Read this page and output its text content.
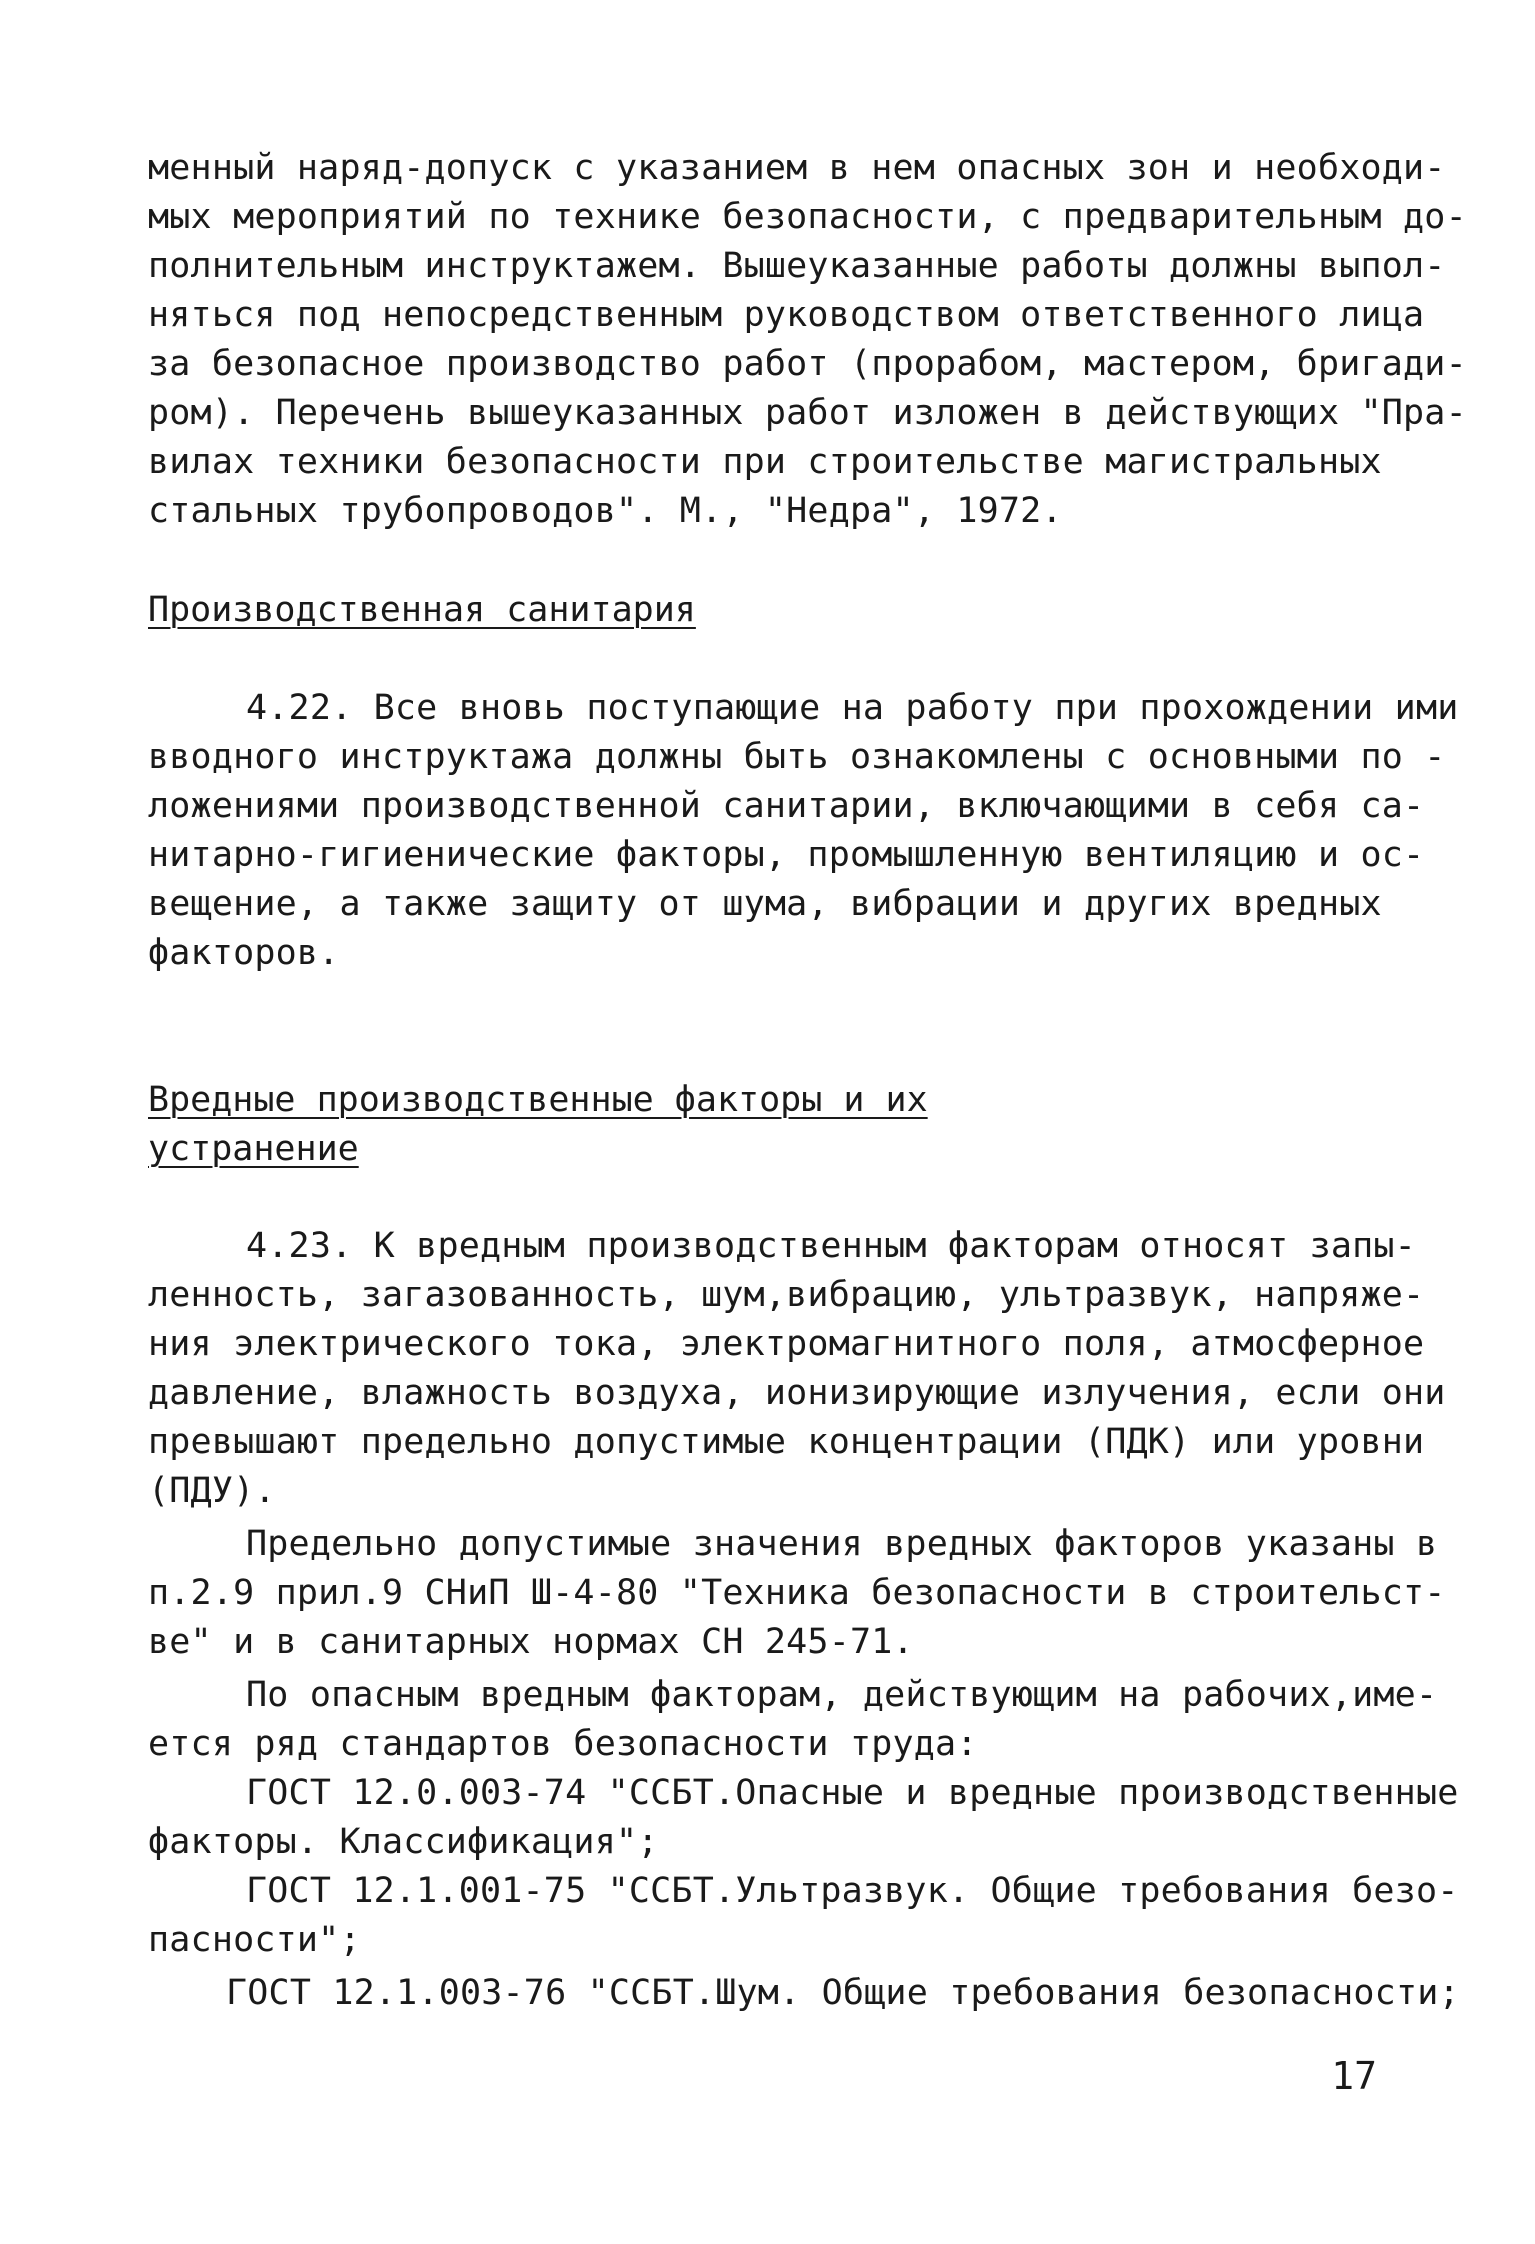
менный наряд-допуск с указанием в нем опасных зон и необходи-
мых мероприятий по технике безопасности, с предварительным до-
полнительным инструктажем. Вышеуказанные работы должны выпол-
няться под непосредственным руководством ответственного лица
за безопасное производство работ (прорабом, мастером, бригади-
ром). Перечень вышеуказанных работ изложен в действующих "Пра-
вилах техники безопасности при строительстве магистральных
стальных трубопроводов". М., "Недра", 1972.
Производственная санитария
4.22. Все вновь поступающие на работу при прохождении ими
вводного инструктажа должны быть ознакомлены с основными по -
ложениями производственной санитарии, включающими в себя са-
нитарно-гигиенические факторы, промышленную вентиляцию и ос-
вещение, а также защиту от шума, вибрации и других вредных
факторов.
Вредные производственные факторы и их
устранение
4.23. К вредным производственным факторам относят запы-
ленность, загазованность, шум,вибрацию, ультразвук, напряже-
ния электрического тока, электромагнитного поля, атмосферное
давление, влажность воздуха, ионизирующие излучения, если они
превышают предельно допустимые концентрации (ПДК) или уровни
(ПДУ).
Предельно допустимые значения вредных факторов указаны в
п.2.9 прил.9 СНиП Ш-4-80 "Техника безопасности в строительст-
ве" и в санитарных нормах СН 245-71.
По опасным вредным факторам, действующим на рабочих,име-
ется ряд стандартов безопасности труда:
ГОСТ 12.0.003-74 "ССБТ.Опасные и вредные производственные
факторы. Классификация";
ГОСТ 12.1.001-75 "ССБТ.Ультразвук. Общие требования безо-
пасности";
ГОСТ 12.1.003-76 "ССБТ.Шум. Общие требования безопасности;
17
